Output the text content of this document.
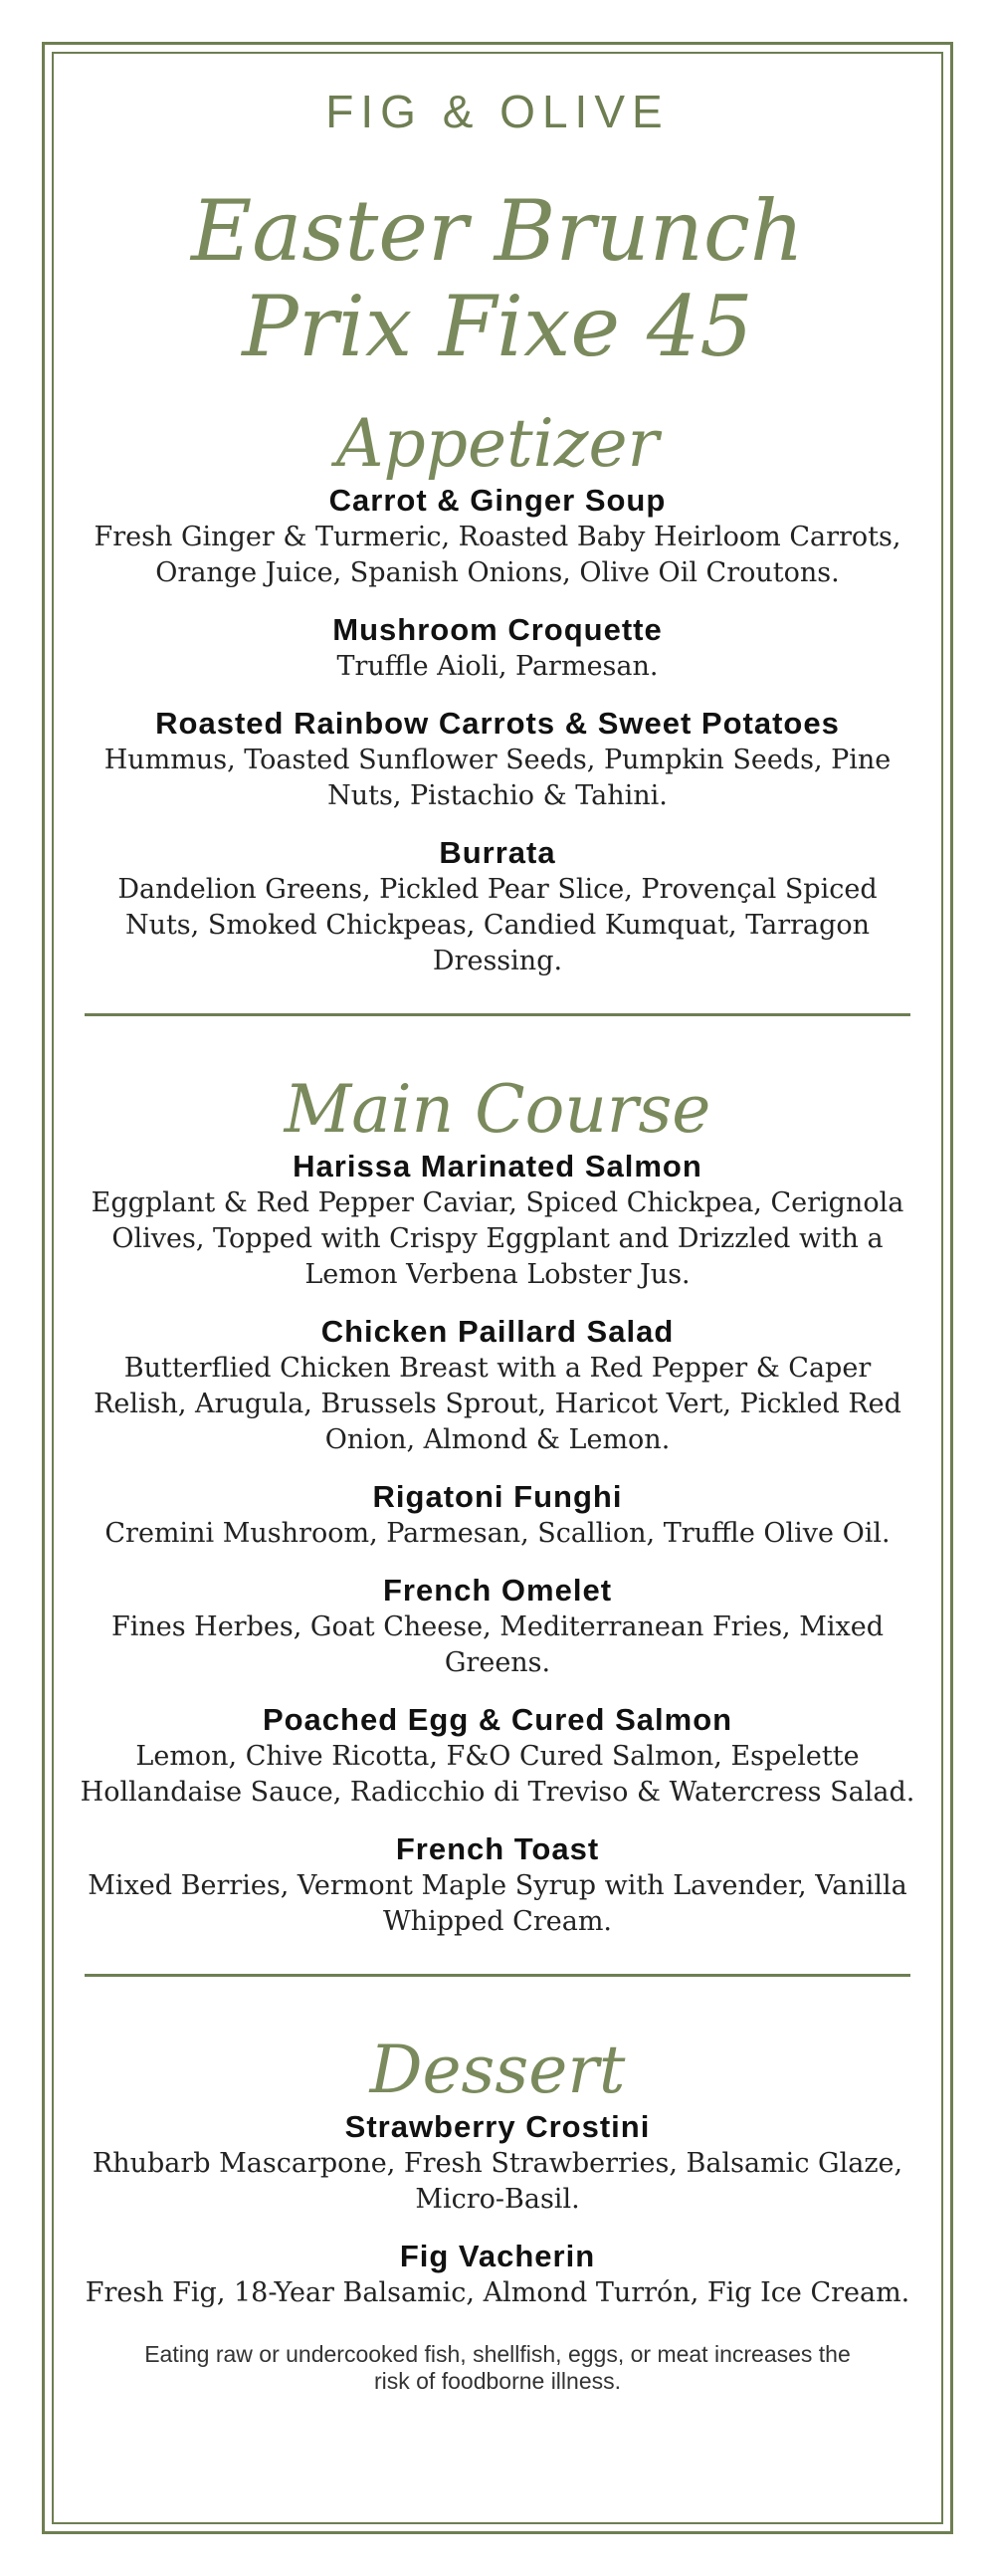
FIG & OLIVE
Easter Brunch
Prix Fixe 45
Appetizer
Carrot & Ginger Soup
Fresh Ginger & Turmeric, Roasted Baby Heirloom Carrots, Orange Juice, Spanish Onions, Olive Oil Croutons.
Mushroom Croquette
Truffle Aioli, Parmesan.
Roasted Rainbow Carrots & Sweet Potatoes
Hummus, Toasted Sunflower Seeds, Pumpkin Seeds, Pine Nuts, Pistachio & Tahini.
Burrata
Dandelion Greens, Pickled Pear Slice, Provençal Spiced Nuts, Smoked Chickpeas, Candied Kumquat, Tarragon Dressing.
Main Course
Harissa Marinated Salmon
Eggplant & Red Pepper Caviar, Spiced Chickpea, Cerignola Olives, Topped with Crispy Eggplant and Drizzled with a Lemon Verbena Lobster Jus.
Chicken Paillard Salad
Butterflied Chicken Breast with a Red Pepper & Caper Relish, Arugula, Brussels Sprout, Haricot Vert, Pickled Red Onion, Almond & Lemon.
Rigatoni Funghi
Cremini Mushroom, Parmesan, Scallion, Truffle Olive Oil.
French Omelet
Fines Herbes, Goat Cheese, Mediterranean Fries, Mixed Greens.
Poached Egg & Cured Salmon
Lemon, Chive Ricotta, F&O Cured Salmon, Espelette Hollandaise Sauce, Radicchio di Treviso & Watercress Salad.
French Toast
Mixed Berries, Vermont Maple Syrup with Lavender, Vanilla Whipped Cream.
Dessert
Strawberry Crostini
Rhubarb Mascarpone, Fresh Strawberries, Balsamic Glaze, Micro-Basil.
Fig Vacherin
Fresh Fig, 18-Year Balsamic, Almond Turrón, Fig Ice Cream.
Eating raw or undercooked fish, shellfish, eggs, or meat increases the risk of foodborne illness.
